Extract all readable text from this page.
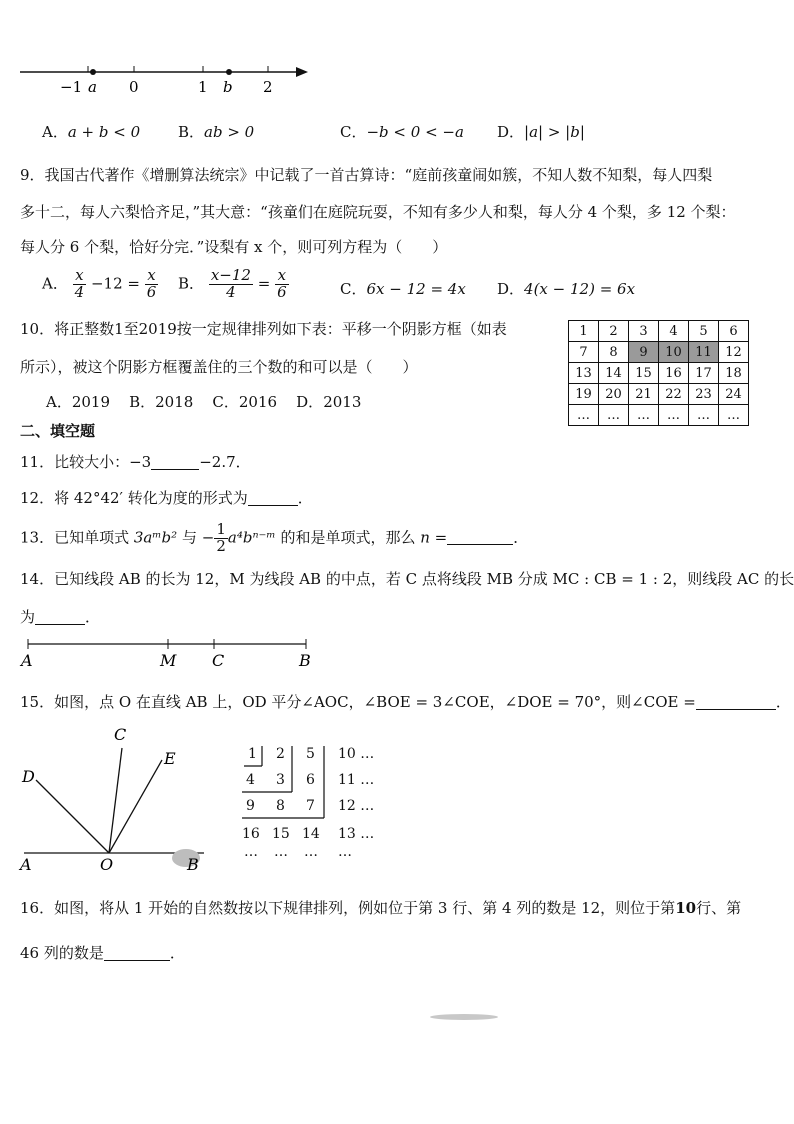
−1 a 0	1 b 2
A．a + b < 0	B．ab > 0	C．−b < 0 < −a D．|a| > |b|
9．我国古代著作《增删算法统宗》中记载了一首古算诗：“庭前孩童闹如簇，不知人数不知梨，每人四梨
多十二，每人六梨恰齐足，”其大意：“孩童们在庭院玩耍，不知有多少人和梨，每人分 4 个梨，多 12 个梨：
每人分 6 个梨，恰好分完．”设梨有 x 个，则可列方程为（　　）
A． $\frac{x}{4} -12 = \frac{x}{6}$ B． $\frac{x-12}{4} = \frac{x}{6}$	C．6x − 12 = 4x D．4(x − 12) = 6x
10．将正整数1至2019按一定规律排列如下表：平移一个阴影方框（如表
所示），被这个阴影方框覆盖住的三个数的和可以是（　　）
A．2019 B．2018 C．2016 D．2013
1	2	3	4	5	6
7	8	9	10	11	12
13	14	15	16	17	18
19	20	21	22	23	24
…	…	…	…	…	…
二、填空题
11．比较大小：−3	−2.7．
12．将 42°42′ 转化为度的形式为	．
13．已知单项式 3aᵐb² 与 − $\frac{1}{2}$ a⁴bⁿ⁻ᵐ 的和是单项式，那么 n =	．
14．已知线段 AB 的长为 12，M 为线段 AB 的中点，若 C 点将线段 MB 分成 MC : CB = 1 : 2，则线段 AC 的长
为	．
A	M C	B
15．如图，点 O 在直线 AB 上，OD 平分∠AOC，∠BOE = 3∠COE，∠DOE = 70°，则∠COE =	．
A	O	B
C
D
E	1 2 5 10 …
4 3 6 11 …
9 8 7 12 …
16 15 14 13 …
… … … …
16．如图，将从 1 开始的自然数按以下规律排列，例如位于第 3 行、第 4 列的数是 12，则位于第10行、第
46 列的数是	．
